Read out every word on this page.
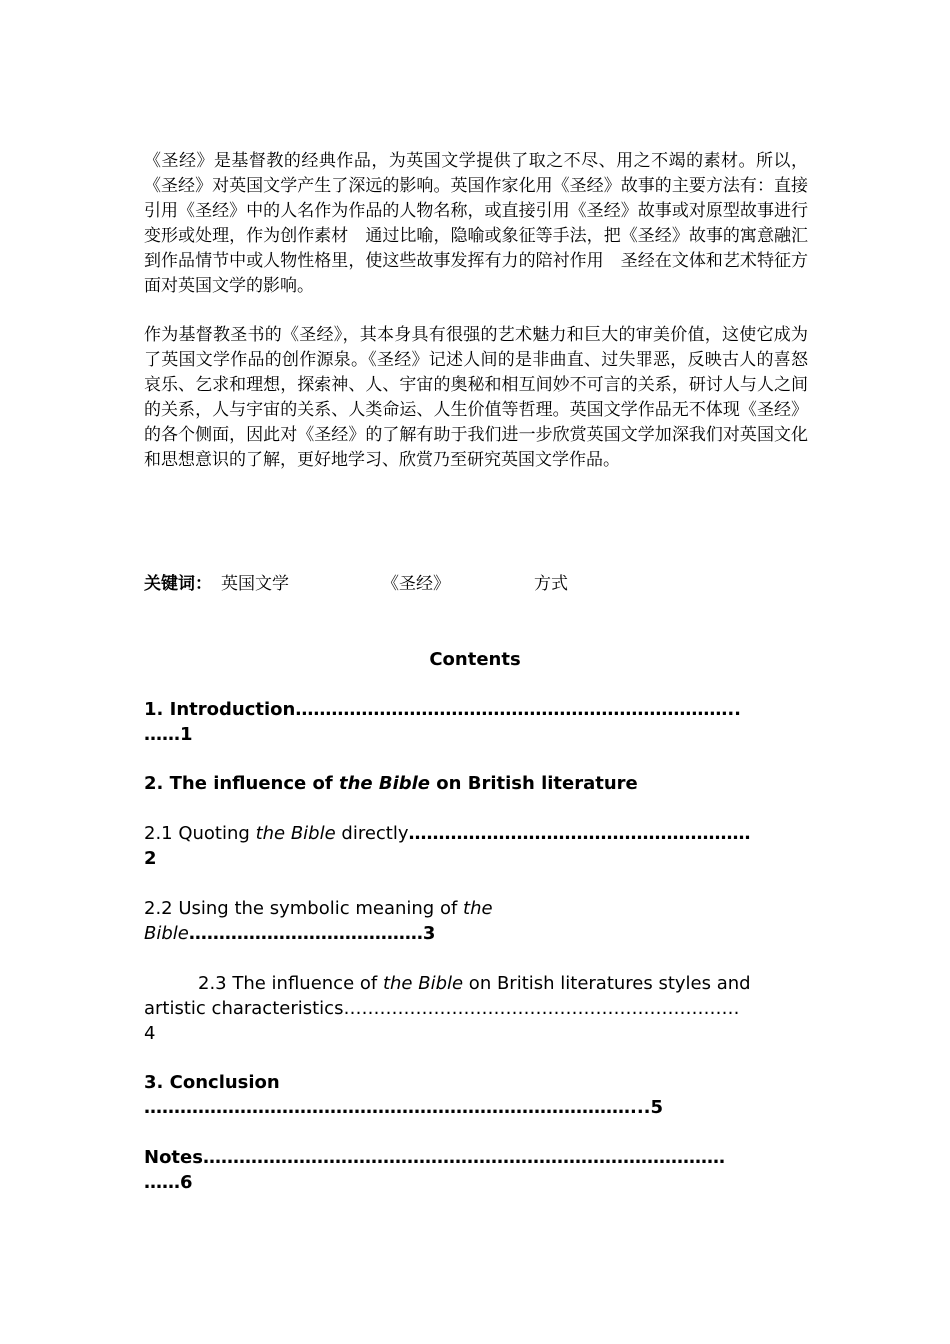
《圣经》是基督教的经典作品，为英国文学提供了取之不尽、用之不竭的素材。所以，《圣经》对英国文学产生了深远的影响。英国作家化用《圣经》故事的主要方法有：直接引用《圣经》中的人名作为作品的人物名称，或直接引用《圣经》故事或对原型故事进行变形或处理，作为创作素材　通过比喻，隐喻或象征等手法，把《圣经》故事的寓意融汇到作品情节中或人物性格里，使这些故事发挥有力的陪衬作用　圣经在文体和艺术特征方面对英国文学的影响。

作为基督教圣书的《圣经》，其本身具有很强的艺术魅力和巨大的审美价值，这使它成为了英国文学作品的创作源泉。《圣经》记述人间的是非曲直、过失罪恶，反映古人的喜怒哀乐、乞求和理想，探索神、人、宇宙的奥秘和相互间妙不可言的关系，研讨人与人之间的关系，人与宇宙的关系、人类命运、人生价值等哲理。英国文学作品无不体现《圣经》的各个侧面，因此对《圣经》的了解有助于我们进一步欣赏英国文学加深我们对英国文化和思想意识的了解，更好地学习、欣赏乃至研究英国文学作品。

关键词： 英国文学	《圣经》	方式
Contents
1. Introduction………………………………………………………………..
……1
2. The influence of the Bible on British literature
2.1 Quoting the Bible directly…………………………………………………
2
2.2 Using the symbolic meaning of the
Bible…………………………………3
2.3 The influence of the Bible on British literatures styles and
artistic characteristics…………………………………………………………
4
3. Conclusion
………………………………………………………………………...5
Notes……………………………………………………………………………
……6
